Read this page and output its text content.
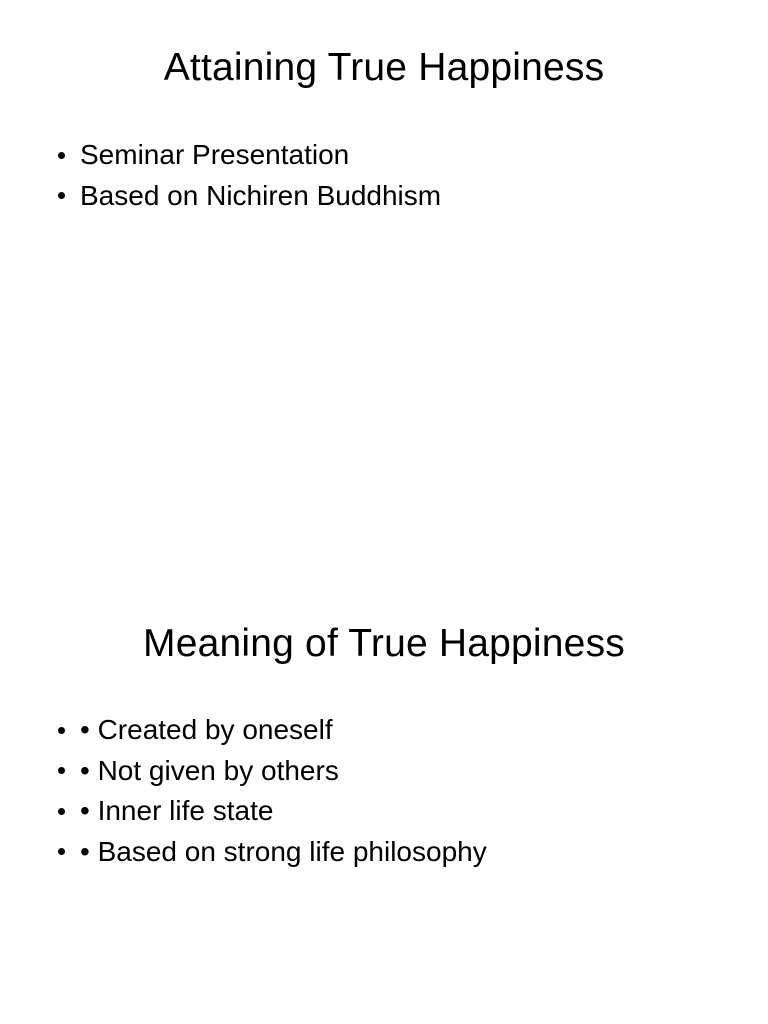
Attaining True Happiness
Seminar Presentation
Based on Nichiren Buddhism
Meaning of True Happiness
• Created by oneself
• Not given by others
• Inner life state
• Based on strong life philosophy
